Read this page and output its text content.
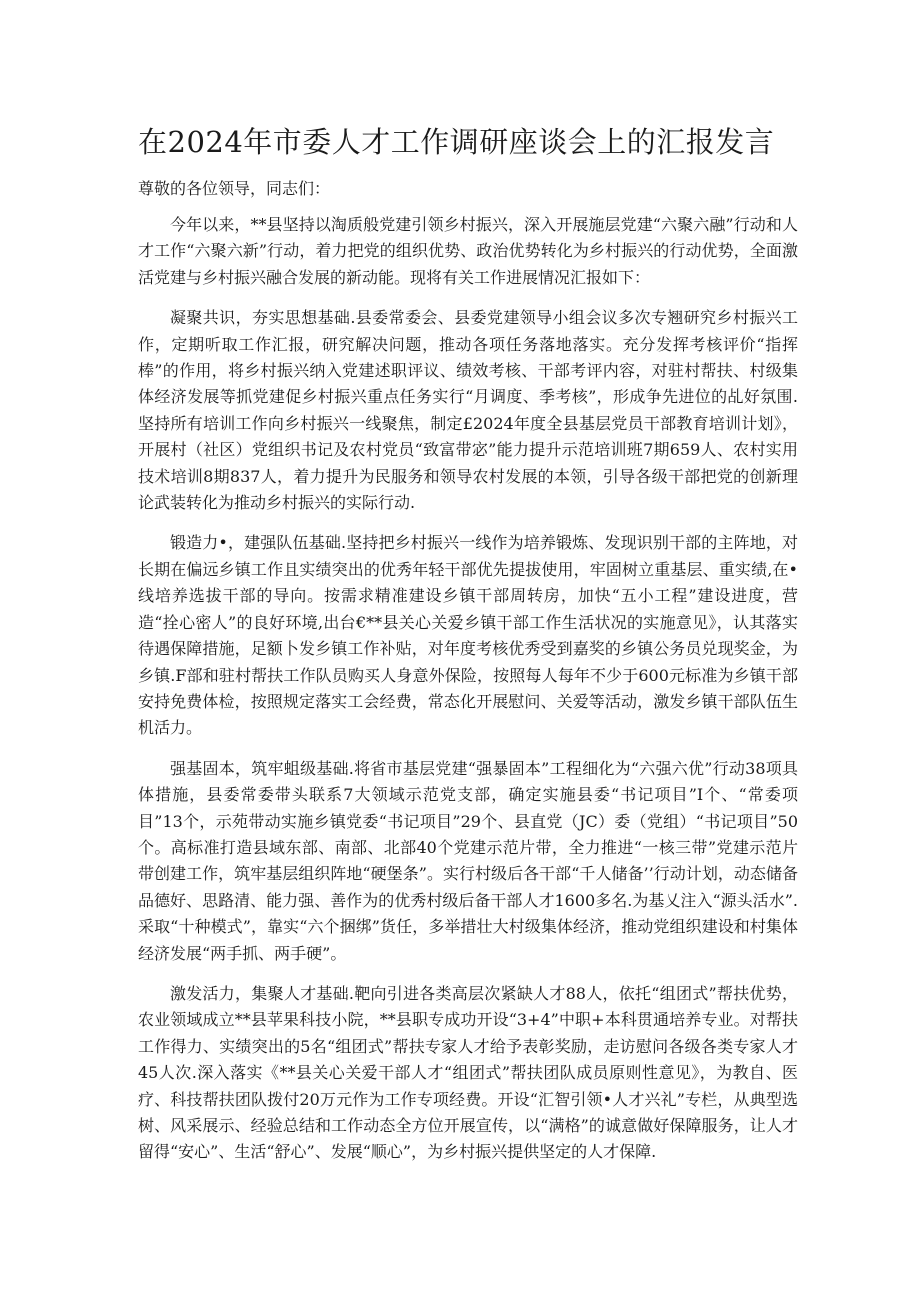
在2024年市委人才工作调研座谈会上的汇报发言

尊敬的各位领导，同志们：

今年以来，**县坚持以淘质般党建引领乡村振兴，深入开展施层党建“六聚六融”行动和人才工作“六聚六新”行动，着力把党的组织优势、政治优势转化为乡村振兴的行动优势，全面激活党建与乡村振兴融合发展的新动能。现将有关工作进展情况汇报如下：

凝聚共识，夯实思想基础.县委常委会、县委党建领导小组会议多次专翘研究乡村振兴工作，定期听取工作汇报，研究解决问题，推动各项任务落地落实。充分发挥考核评价“指挥棒”的作用，将乡村振兴纳入党建述职评议、绩效考核、干部考评内容，对驻村帮扶、村级集体经济发展等抓党建促乡村振兴重点任务实行“月调度、季考核”，形成争先进位的乩好氛围.坚持所有培训工作向乡村振兴一线聚焦，制定£2024年度全县基层党员干部教育培训计划》，开展村（社区）党组织书记及农村党员“致富带宓”能力提升示范培训班7期659人、农村实用技术培训8期837人，着力提升为民服务和领导农村发展的本领，引导各级干部把党的创新理论武装转化为推动乡村振兴的实际行动.

锻造力•，建强队伍基础.坚持把乡村振兴一线作为培养锻炼、发现识别干部的主阵地，对长期在偏远乡镇工作且实绩突出的优秀年轻干部优先提拔使用，牢固树立重基层、重实绩,在•线培养选拔干部的导向。按需求精准建设乡镇干部周转房，加快“五小工程”建设进度，营造“拴心密人”的良好环境,出台€**县关心关爱乡镇干部工作生活状况的实施意见》，认其落实待遇保障措施，足额卜发乡镇工作补贴，对年度考核优秀受到嘉奖的乡镇公务员兑现奖金，为乡镇.F部和驻村帮扶工作队员购买人身意外保险，按照每人每年不少于600元标准为乡镇干部安持免费体检，按照规定落实工会经费，常态化开展慰问、关爱等活动，激发乡镇干部队伍生机活力。

强基固本，筑牢蛆级基础.将省市基层党建“强暴固本”工程细化为“六强六优”行动38项具体措施，县委常委带头联系7大领域示范党支部，确定实施县委“书记项目”I个、“常委项目”13个，示苑带动实施乡镇党委“书记项目”29个、县直党（JC）委（党组）“书记项目”50个。高标准打造县域东部、南部、北部40个党建示范片带，全力推进“一核三带”党建示范片带创建工作，筑牢基层组织阵地“硬堡条”。实行村级后各干部“千人储备’’行动计划，动态储备品德好、思路清、能力强、善作为的优秀村级后备干部人才1600多名.为基乂注入“源头活水”.采取“十种模式”，靠实“六个捆绑”货任，多举措壮大村级集体经济，推动党组织建设和村集体经济发展“两手抓、两手硬”。

激发活力，集聚人才基础.靶向引进各类高层次紧缺人才88人，依托“组团式”帮扶优势，农业领域成立**县苹果科技小院，**县职专成功开设“3+4”中职+本科贯通培养专业。对帮扶工作得力、实绩突出的5名“组团式”帮扶专家人才给予表彰奖励，走访慰问各级各类专家人才45人次.深入落实《**县关心关爱干部人才“组团式”帮扶团队成员原则性意见》，为教自、医疗、科技帮扶团队拨付20万元作为工作专项经费。开设“汇智引领•人才兴礼”专栏，从典型选树、风采展示、经验总结和工作动态全方位开展宣传，以“满格”的诚意做好保障服务，让人才留得“安心”、生活“舒心”、发展“顺心”，为乡村振兴提供坚定的人才保障.
